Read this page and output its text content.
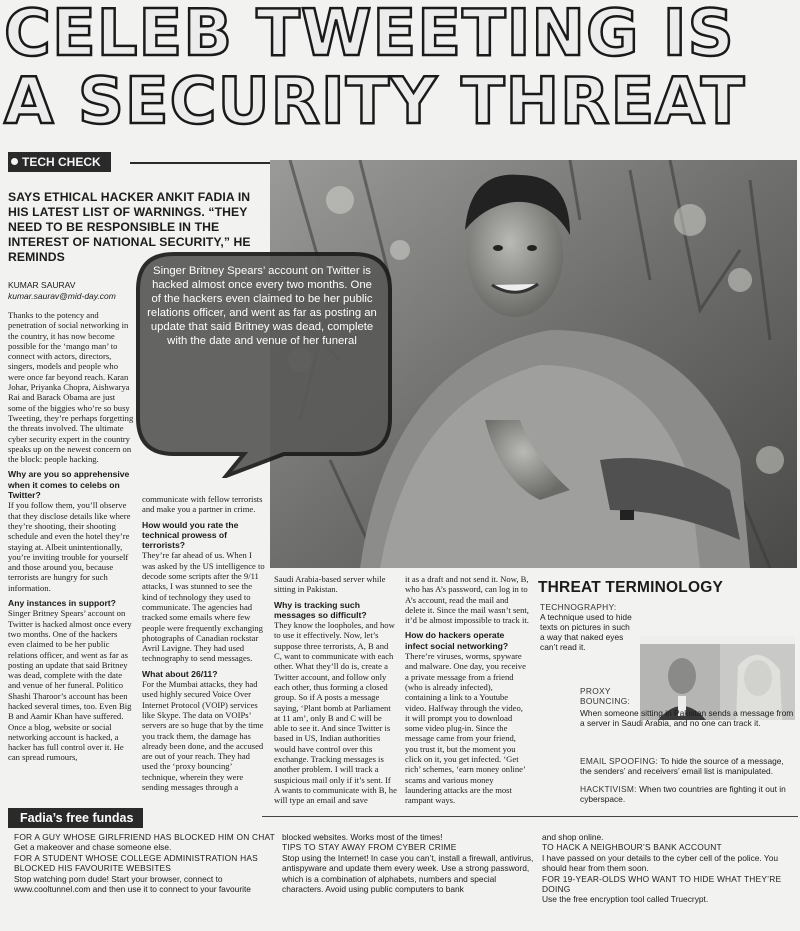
CELEB TWEETING IS
A SECURITY THREAT
TECH CHECK
SAYS ETHICAL HACKER ANKIT FADIA IN HIS LATEST LIST OF WARNINGS. “THEY NEED TO BE RESPONSIBLE IN THE INTEREST OF NATIONAL SECURITY,” HE REMINDS
KUMAR SAURAV
kumar.saurav@mid-day.com
Singer Britney Spears’ account on Twitter is hacked almost once every two months. One of the hackers even claimed to be her public relations officer, and went as far as posting an update that said Britney was dead, complete with the date and venue of her funeral

Thanks to the potency and penetration of social networking in the country, it has now become possible for the ‘mango man’ to connect with actors, directors, singers, models and people who were once far beyond reach. Karan Johar, Priyanka Chopra, Aishwarya Rai and Barack Obama are just some of the biggies who’re so busy Tweeting, they’re perhaps forgetting the threats involved. The ultimate cyber security expert in the country speaks up on the newest concern on the block: people hacking.

Why are you so apprehensive when it comes to celebs on Twitter?

If you follow them, you’ll observe that they disclose details like where they’re shooting, their shooting schedule and even the hotel they’re staying at. Albeit unintentionally, you’re inviting trouble for yourself and those around you, because terrorists are hungry for such information.

Any instances in support?

Singer Britney Spears’ account on Twitter is hacked almost once every two months. One of the hackers even claimed to be her public relations officer, and went as far as posting an update that said Britney was dead, complete with the date and venue of her funeral. Politico Shashi Tharoor’s account has been hacked several times, too. Even Big B and Aamir Khan have suffered. Once a blog, website or social networking account is hacked, a hacker has full control over it. He can spread rumours,

communicate with fellow terrorists and make you a partner in crime.

How would you rate the technical prowess of terrorists?

They’re far ahead of us. When I was asked by the US intelligence to decode some scripts after the 9/11 attacks, I was stunned to see the kind of technology they used to communicate. The agencies had tracked some emails where few people were frequently exchanging photographs of Canadian rockstar Avril Lavigne. They had used technography to send messages.

What about 26/11?

For the Mumbai attacks, they had used highly secured Voice Over Internet Protocol (VOIP) services like Skype. The data on VOIPs’ servers are so huge that by the time you track them, the damage has already been done, and the accused are out of your reach. They had used the ‘proxy bouncing’ technique, wherein they were sending messages through a

Saudi Arabia-based server while sitting in Pakistan.

Why is tracking such messages so difficult?

They know the loopholes, and how to use it effectively. Now, let’s suppose three terrorists, A, B and C, want to communicate with each other. What they’ll do is, create a Twitter account, and follow only each other, thus forming a closed group. So if A posts a message saying, ‘Plant bomb at Parliament at 11 am’, only B and C will be able to see it. And since Twitter is based in US, Indian authorities would have control over this exchange. Tracking messages is another problem. I will track a suspicious mail only if it’s sent. If A wants to communicate with B, he will type an email and save

it as a draft and not send it. Now, B, who has A’s password, can log in to A’s account, read the mail and delete it. Since the mail wasn’t sent, it’d be almost impossible to track it.

How do hackers operate infect social networking?

There’re viruses, worms, spyware and malware. One day, you receive a private message from a friend (who is already infected), containing a link to a Youtube video. Halfway through the video, it will prompt you to download some video plug-in. Since the message came from your friend, you trust it, but the moment you click on it, you get infected. ‘Get rich’ schemes, ‘earn money online’ scams and various money laundering attacks are the most rampant ways.

THREAT TERMINOLOGY
TECHNOGRAPHY:
A technique used to hide texts on pictures in such a way that naked eyes can’t read it.
PROXY BOUNCING:
When someone sitting in Pakistan sends a message from a server in Saudi Arabia, and no one can track it.
EMAIL SPOOFING: To hide the source of a message, the senders’ and receivers’ email list is manipulated.
HACKTIVISM: When two countries are fighting it out in cyberspace.
Fadia’s free fundas
FOR A GUY WHOSE GIRLFRIEND HAS BLOCKED HIM ON CHAT
Get a makeover and chase someone else.
FOR A STUDENT WHOSE COLLEGE ADMINISTRATION HAS BLOCKED HIS FAVOURITE WEBSITES
Stop watching porn dude! Start your browser, connect to www.cooltunnel.com and then use it to connect to your favourite
blocked websites. Works most of the times!
TIPS TO STAY AWAY FROM CYBER CRIME
Stop using the Internet! In case you can’t, install a firewall, antivirus, antispyware and update them every week. Use a strong password, which is a combination of alphabets, numbers and special characters. Avoid using public computers to bank
and shop online.
TO HACK A NEIGHBOUR’S BANK ACCOUNT
I have passed on your details to the cyber cell of the police. You should hear from them soon.
FOR 19-YEAR-OLDS WHO WANT TO HIDE WHAT THEY’RE DOING
Use the free encryption tool called Truecrypt.
